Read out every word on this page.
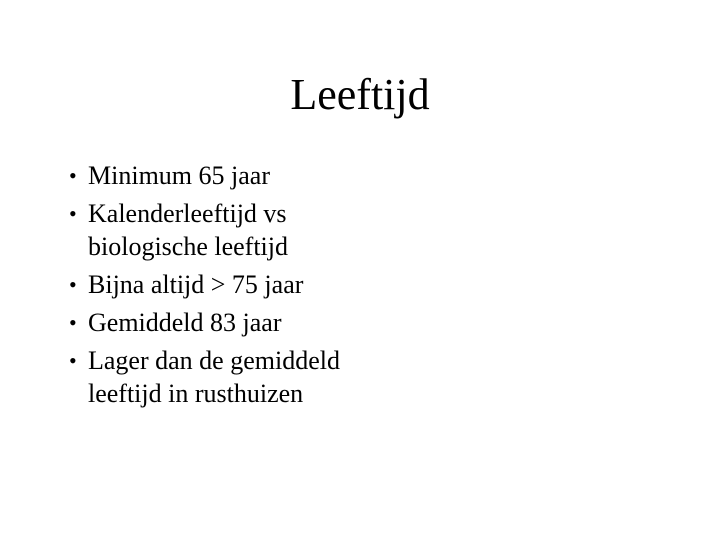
Leeftijd
• Minimum 65 jaar
• Kalenderleeftijd vs biologische leeftijd
• Bijna altijd > 75 jaar
• Gemiddeld 83 jaar
• Lager dan de gemiddeld leeftijd in rusthuizen
